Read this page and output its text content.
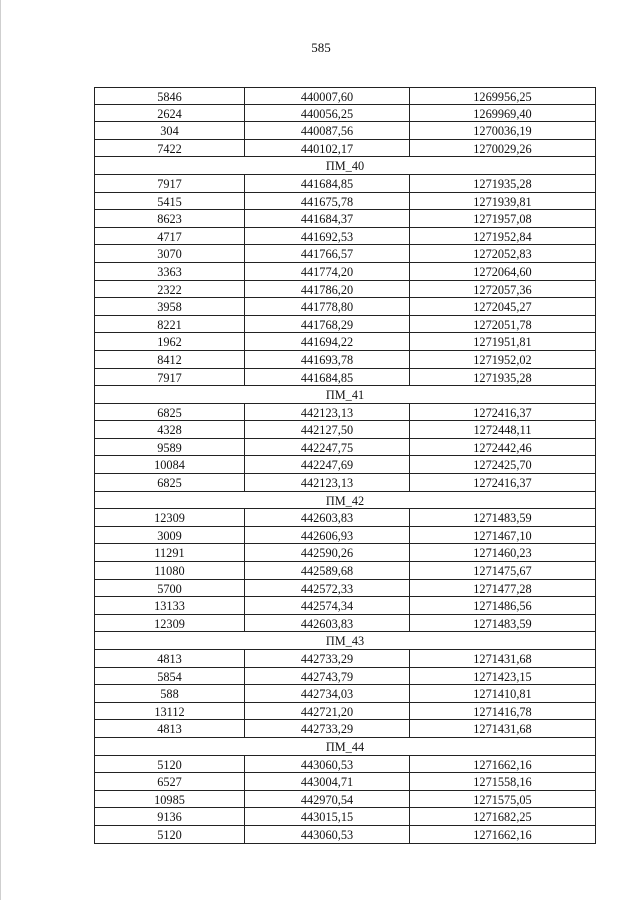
585
5846	440007,60	1269956,25
2624	440056,25	1269969,40
304	440087,56	1270036,19
7422	440102,17	1270029,26
ПМ_40
7917	441684,85	1271935,28
5415	441675,78	1271939,81
8623	441684,37	1271957,08
4717	441692,53	1271952,84
3070	441766,57	1272052,83
3363	441774,20	1272064,60
2322	441786,20	1272057,36
3958	441778,80	1272045,27
8221	441768,29	1272051,78
1962	441694,22	1271951,81
8412	441693,78	1271952,02
7917	441684,85	1271935,28
ПМ_41
6825	442123,13	1272416,37
4328	442127,50	1272448,11
9589	442247,75	1272442,46
10084	442247,69	1272425,70
6825	442123,13	1272416,37
ПМ_42
12309	442603,83	1271483,59
3009	442606,93	1271467,10
11291	442590,26	1271460,23
11080	442589,68	1271475,67
5700	442572,33	1271477,28
13133	442574,34	1271486,56
12309	442603,83	1271483,59
ПМ_43
4813	442733,29	1271431,68
5854	442743,79	1271423,15
588	442734,03	1271410,81
13112	442721,20	1271416,78
4813	442733,29	1271431,68
ПМ_44
5120	443060,53	1271662,16
6527	443004,71	1271558,16
10985	442970,54	1271575,05
9136	443015,15	1271682,25
5120	443060,53	1271662,16
